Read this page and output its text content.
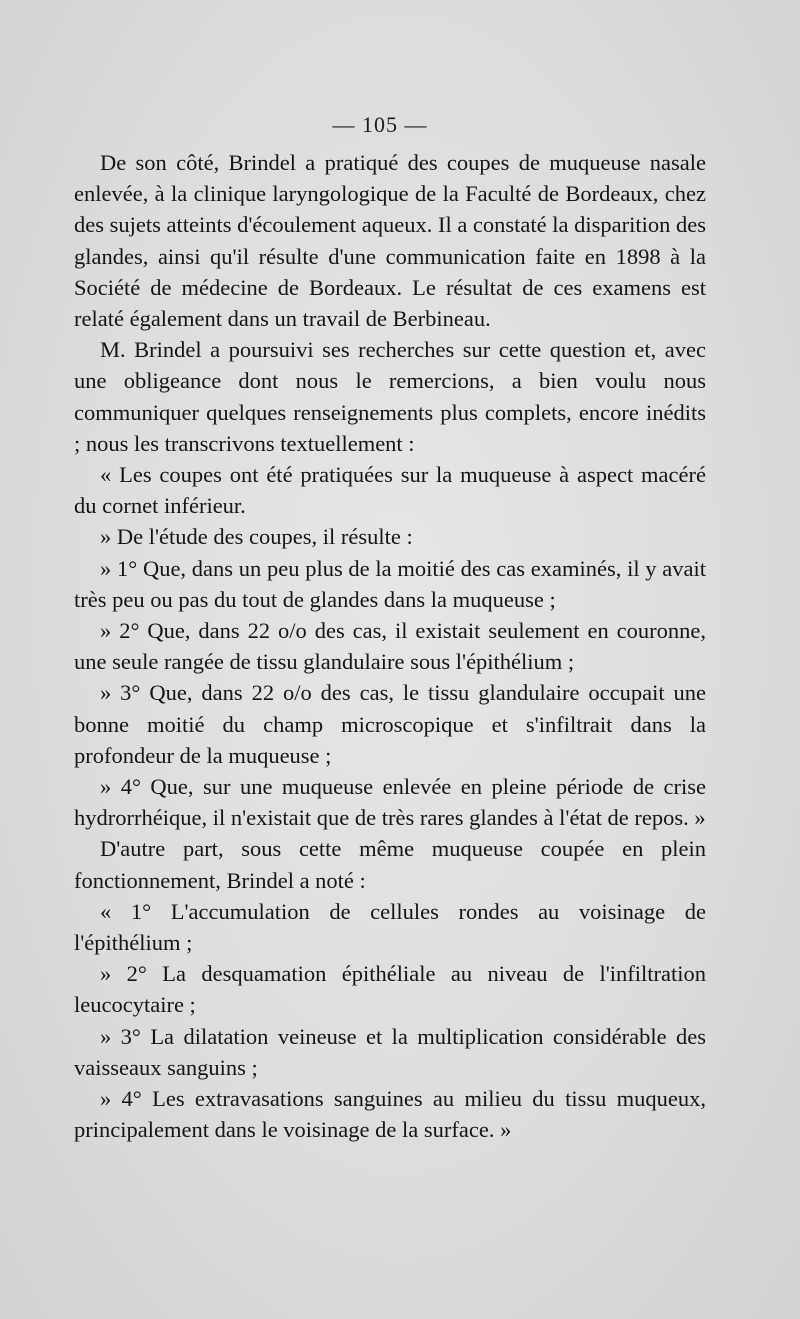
— 105 —

De son côté, Brindel a pratiqué des coupes de muqueuse nasale enlevée, à la clinique laryngologique de la Faculté de Bordeaux, chez des sujets atteints d'écoulement aqueux. Il a constaté la disparition des glandes, ainsi qu'il résulte d'une communication faite en 1898 à la Société de médecine de Bordeaux. Le résultat de ces examens est relaté également dans un travail de Berbineau.

M. Brindel a poursuivi ses recherches sur cette question et, avec une obligeance dont nous le remercions, a bien voulu nous communiquer quelques renseignements plus complets, encore inédits ; nous les transcrivons textuellement :

« Les coupes ont été pratiquées sur la muqueuse à aspect macéré du cornet inférieur.

» De l'étude des coupes, il résulte :

» 1° Que, dans un peu plus de la moitié des cas examinés, il y avait très peu ou pas du tout de glandes dans la muqueuse ;

» 2° Que, dans 22 o/o des cas, il existait seulement en couronne, une seule rangée de tissu glandulaire sous l'épithélium ;

» 3° Que, dans 22 o/o des cas, le tissu glandulaire occupait une bonne moitié du champ microscopique et s'infiltrait dans la profondeur de la muqueuse ;

» 4° Que, sur une muqueuse enlevée en pleine période de crise hydrorrhéique, il n'existait que de très rares glandes à l'état de repos. »

D'autre part, sous cette même muqueuse coupée en plein fonctionnement, Brindel a noté :

« 1° L'accumulation de cellules rondes au voisinage de l'épithélium ;

» 2° La desquamation épithéliale au niveau de l'infiltration leucocytaire ;

» 3° La dilatation veineuse et la multiplication considérable des vaisseaux sanguins ;

» 4° Les extravasations sanguines au milieu du tissu muqueux, principalement dans le voisinage de la surface. »
